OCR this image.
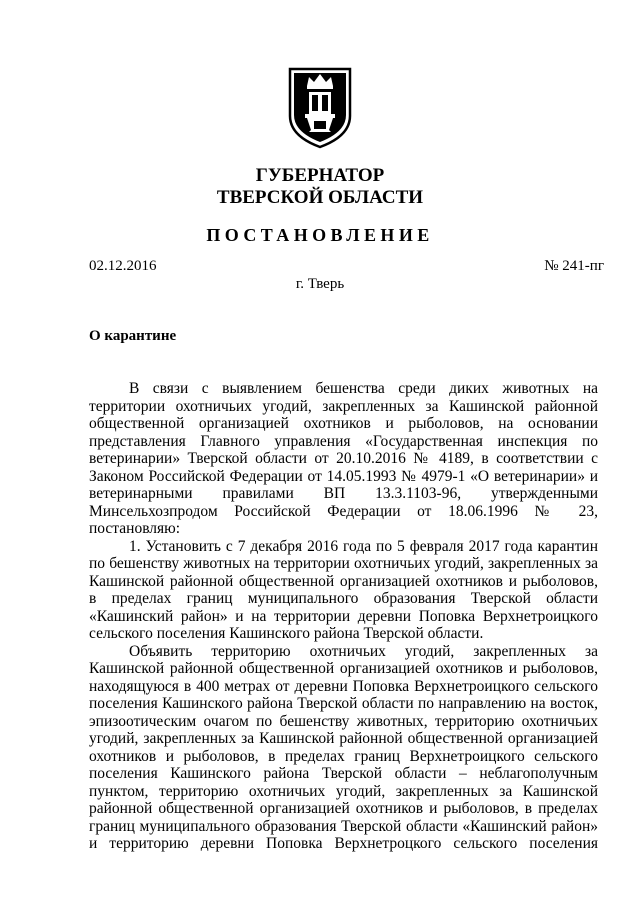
ГУБЕРНАТОР
ТВЕРСКОЙ ОБЛАСТИ
ПОСТАНОВЛЕНИЕ
02.12.2016	№ 241-пг
г. Тверь
О карантине

В связи с выявлением бешенства среди диких животных на территории охотничьих угодий, закрепленных за Кашинской районной общественной организацией охотников и рыболовов, на основании представления Главного управления «Государственная инспекция по ветеринарии» Тверской области от 20.10.2016 № 4189, в соответствии с Законом Российской Федерации от 14.05.1993 № 4979-1 «О ветеринарии» и ветеринарными правилами ВП 13.3.1103-96, утвержденными Минсельхозпродом Российской Федерации от 18.06.1996 № 23, постановляю:

1. Установить с 7 декабря 2016 года по 5 февраля 2017 года карантин по бешенству животных на территории охотничьих угодий, закрепленных за Кашинской районной общественной организацией охотников и рыболовов, в пределах границ муниципального образования Тверской области «Кашинский район» и на территории деревни Поповка Верхнетроицкого сельского поселения Кашинского района Тверской области.

Объявить территорию охотничьих угодий, закрепленных за Кашинской районной общественной организацией охотников и рыболовов, находящуюся в 400 метрах от деревни Поповка Верхнетроицкого сельского поселения Кашинского района Тверской области по направлению на восток, эпизоотическим очагом по бешенству животных, территорию охотничьих угодий, закрепленных за Кашинской районной общественной организацией охотников и рыболовов, в пределах границ Верхнетроицкого сельского поселения Кашинского района Тверской области – неблагополучным пунктом, территорию охотничьих угодий, закрепленных за Кашинской районной общественной организацией охотников и рыболовов, в пределах границ муниципального образования Тверской области «Кашинский район» и территорию деревни Поповка Верхнетроцкого сельского поселения
